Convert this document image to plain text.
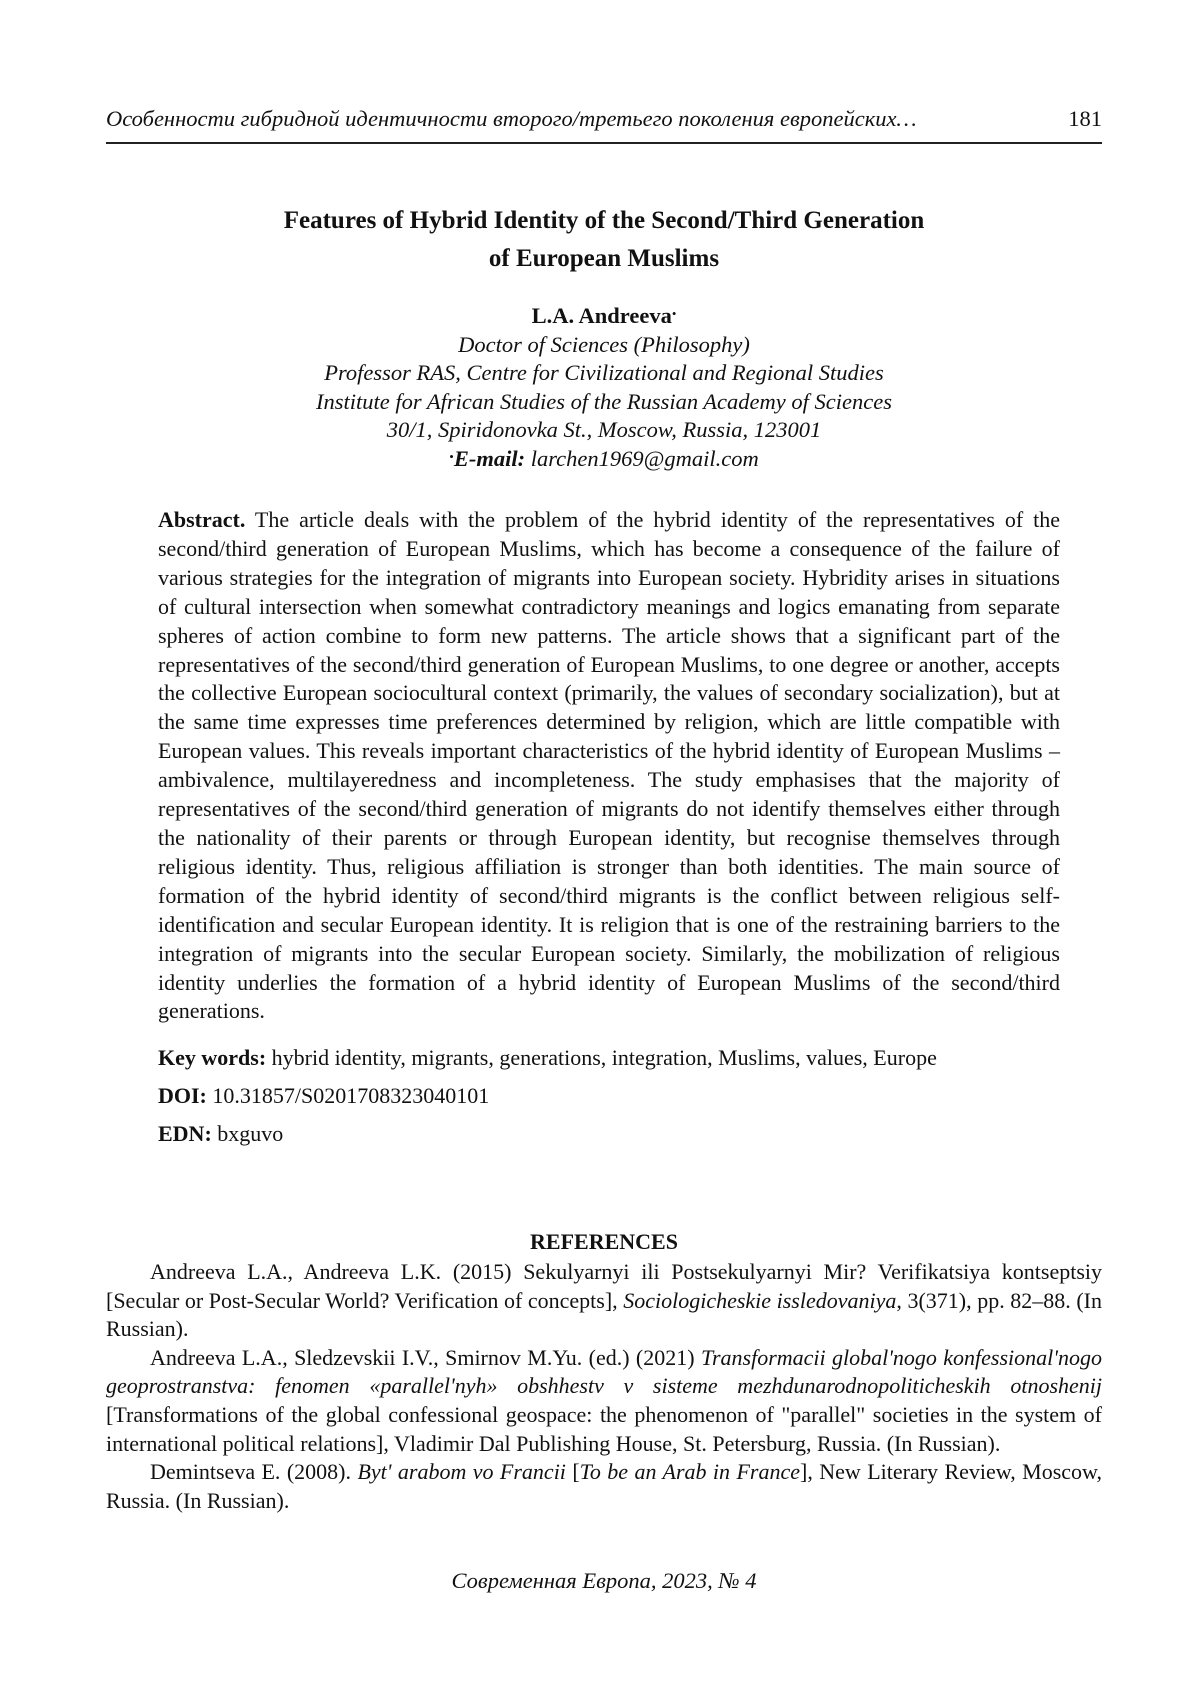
Особенности гибридной идентичности второго/третьего поколения европейских…	181
Features of Hybrid Identity of the Second/Third Generation
of European Muslims
L.A. Andreeva•
Doctor of Sciences (Philosophy)
Professor RAS, Centre for Civilizational and Regional Studies
Institute for African Studies of the Russian Academy of Sciences
30/1, Spiridonovka St., Moscow, Russia, 123001
•E-mail: larchen1969@gmail.com
Abstract. The article deals with the problem of the hybrid identity of the representatives of the second/third generation of European Muslims, which has become a consequence of the failure of various strategies for the integration of migrants into European society. Hybridity arises in situations of cultural intersection when somewhat contradictory meanings and logics emanating from separate spheres of action combine to form new patterns. The article shows that a significant part of the representatives of the second/third generation of European Muslims, to one degree or another, accepts the collective European sociocultural context (primarily, the values of secondary socialization), but at the same time expresses time preferences determined by religion, which are little compatible with European values. This reveals important characteristics of the hybrid identity of European Muslims – ambivalence, multilayeredness and incompleteness. The study emphasises that the majority of representatives of the second/third generation of migrants do not identify themselves either through the nationality of their parents or through European identity, but recognise themselves through religious identity. Thus, religious affiliation is stronger than both identities. The main source of formation of the hybrid identity of second/third migrants is the conflict between religious self-identification and secular European identity. It is religion that is one of the restraining barriers to the integration of migrants into the secular European society. Similarly, the mobilization of religious identity underlies the formation of a hybrid identity of European Muslims of the second/third generations.
Key words: hybrid identity, migrants, generations, integration, Muslims, values, Europe
DOI: 10.31857/S0201708323040101
EDN: bxguvo
REFERENCES

Andreeva L.A., Andreeva L.K. (2015) Sekulyarnyi ili Postsekulyarnyi Mir? Verifikatsiya kontseptsiy [Secular or Post-Secular World? Verification of concepts], Sociologicheskie issledovaniya, 3(371), pp. 82–88. (In Russian).

Andreeva L.A., Sledzevskii I.V., Smirnov M.Yu. (ed.) (2021) Transformacii global'nogo konfessional'nogo geoprostranstva: fenomen «parallel'nyh» obshhestv v sisteme mezhdunarodnopoliticheskih otnoshenij [Transformations of the global confessional geospace: the phenomenon of "parallel" societies in the system of international political relations], Vladimir Dal Publishing House, St. Petersburg, Russia. (In Russian).

Demintseva E. (2008). Byt' arabom vo Francii [To be an Arab in France], New Literary Review, Moscow, Russia. (In Russian).

Современная Европа, 2023, № 4
